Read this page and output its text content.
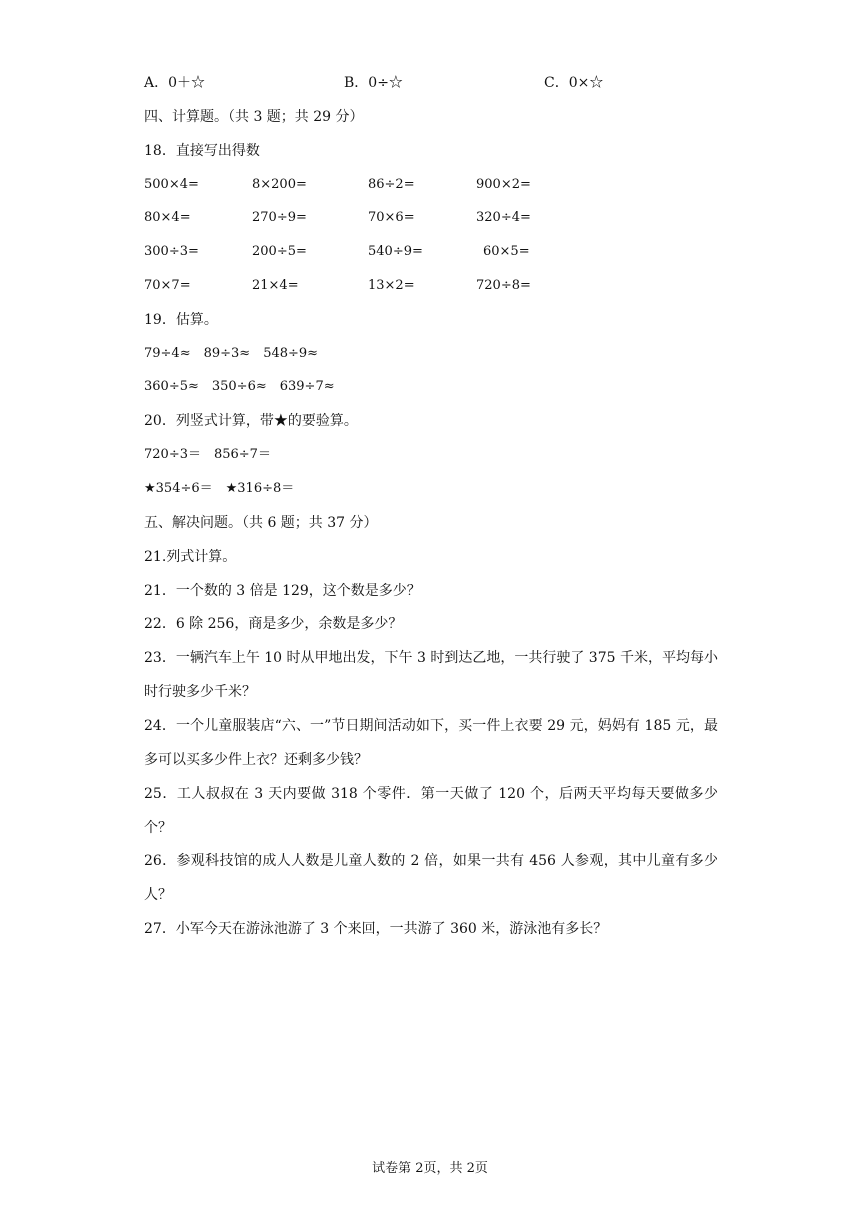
A．0＋☆	B．0÷☆	C．0×☆
四、计算题。（共 3 题；共 29 分）
18．直接写出得数
500×4=	8×200=	86÷2=	900×2=
80×4=	270÷9=	70×6=	320÷4=
300÷3=	200÷5=	540÷9=	60×5=
70×7=	21×4=	13×2=	720÷8=
19．估算。
79÷4≈　89÷3≈　548÷9≈
360÷5≈　350÷6≈　639÷7≈
20．列竖式计算，带★的要验算。
720÷3＝　856÷7＝
★354÷6＝　★316÷8＝
五、解决问题。（共 6 题；共 37 分）
21.列式计算。
21．一个数的 3 倍是 129，这个数是多少？
22．6 除 256，商是多少，余数是多少？
23．一辆汽车上午 10 时从甲地出发，下午 3 时到达乙地，一共行驶了 375 千米，平均每小时行驶多少千米？
24．一个儿童服装店“六、一”节日期间活动如下，买一件上衣要 29 元，妈妈有 185 元，最多可以买多少件上衣？还剩多少钱？
25．工人叔叔在 3 天内要做 318 个零件．第一天做了 120 个，后两天平均每天要做多少个？
26．参观科技馆的成人人数是儿童人数的 2 倍，如果一共有 456 人参观，其中儿童有多少人？
27．小军今天在游泳池游了 3 个来回，一共游了 360 米，游泳池有多长？
试卷第 2页，共 2页
